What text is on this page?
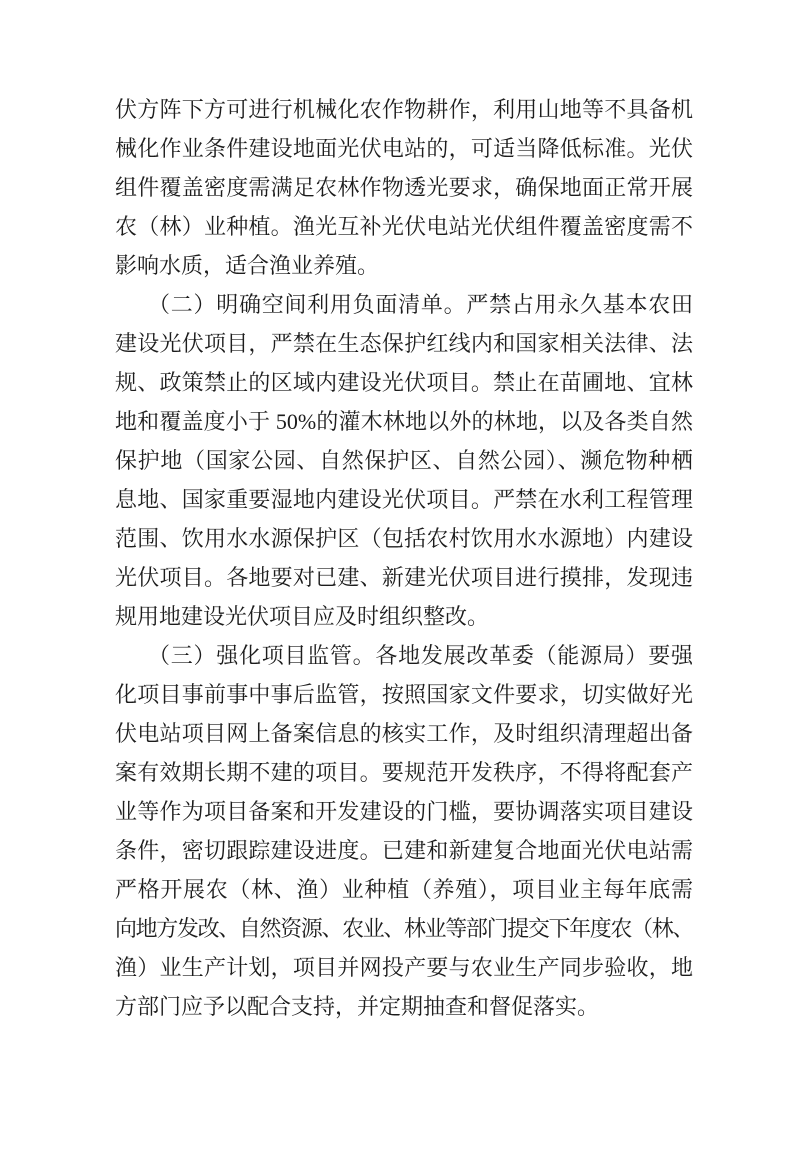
伏方阵下方可进行机械化农作物耕作，利用山地等不具备机
械化作业条件建设地面光伏电站的，可适当降低标准。光伏
组件覆盖密度需满足农林作物透光要求，确保地面正常开展
农（林）业种植。渔光互补光伏电站光伏组件覆盖密度需不
影响水质，适合渔业养殖。
（二）明确空间利用负面清单。严禁占用永久基本农田
建设光伏项目，严禁在生态保护红线内和国家相关法律、法
规、政策禁止的区域内建设光伏项目。禁止在苗圃地、宜林
地和覆盖度小于 50%的灌木林地以外的林地，以及各类自然
保护地（国家公园、自然保护区、自然公园）、濒危物种栖
息地、国家重要湿地内建设光伏项目。严禁在水利工程管理
范围、饮用水水源保护区（包括农村饮用水水源地）内建设
光伏项目。各地要对已建、新建光伏项目进行摸排，发现违
规用地建设光伏项目应及时组织整改。
（三）强化项目监管。各地发展改革委（能源局）要强
化项目事前事中事后监管，按照国家文件要求，切实做好光
伏电站项目网上备案信息的核实工作，及时组织清理超出备
案有效期长期不建的项目。要规范开发秩序，不得将配套产
业等作为项目备案和开发建设的门槛，要协调落实项目建设
条件，密切跟踪建设进度。已建和新建复合地面光伏电站需
严格开展农（林、渔）业种植（养殖），项目业主每年底需
向地方发改、自然资源、农业、林业等部门提交下年度农（林、
渔）业生产计划，项目并网投产要与农业生产同步验收，地
方部门应予以配合支持，并定期抽查和督促落实。
